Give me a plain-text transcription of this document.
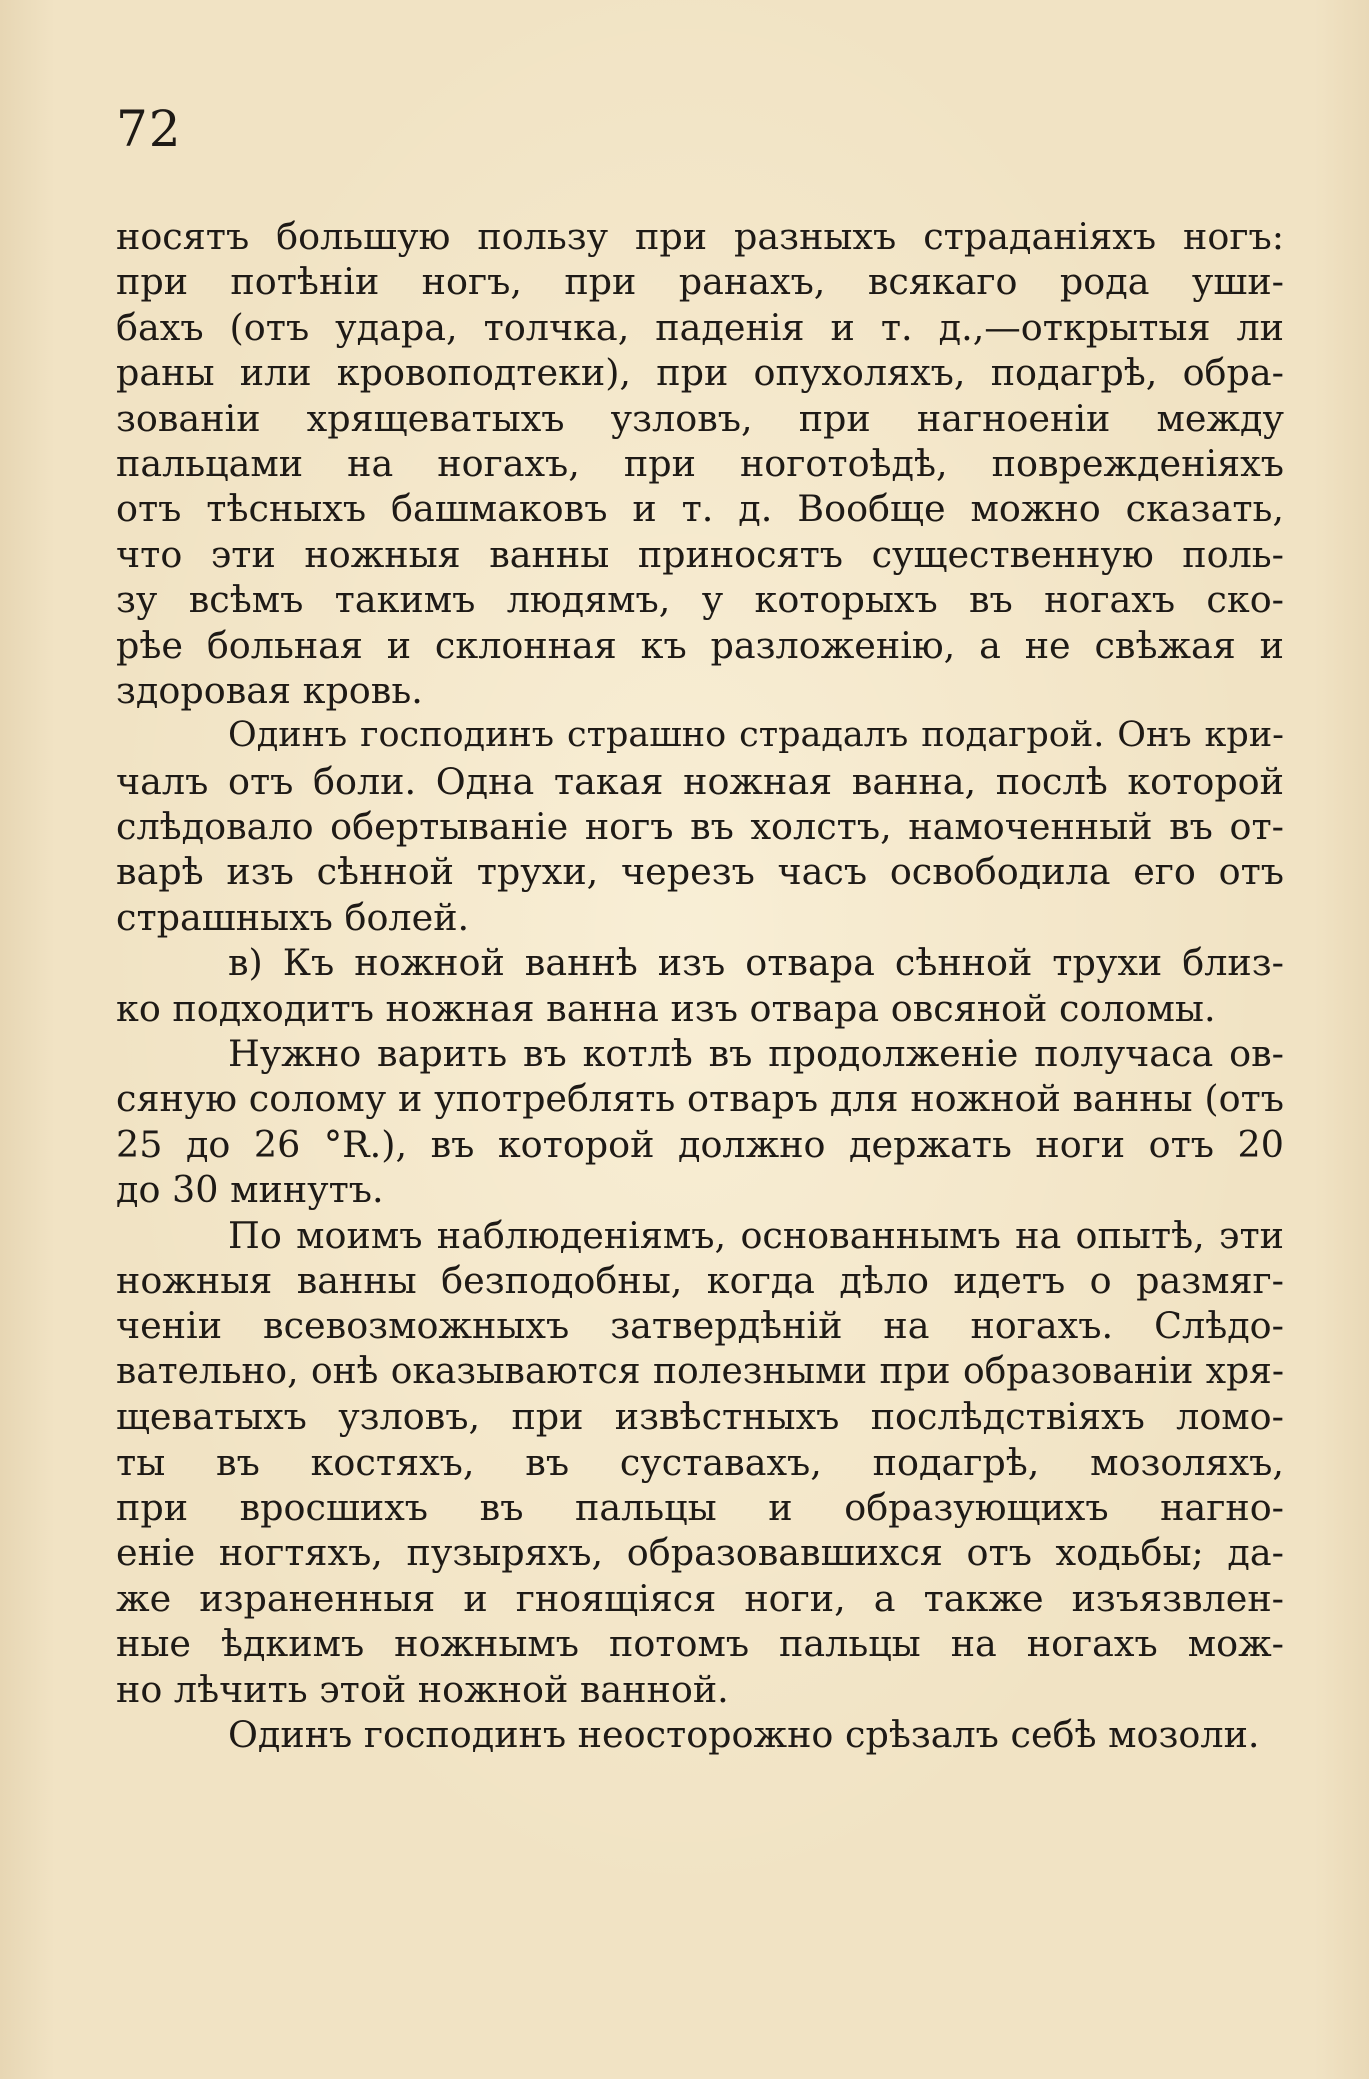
72
носятъ большую пользу при разныхъ страданіяхъ ногъ:
при потѣніи ногъ, при ранахъ, всякаго рода уши-
бахъ (отъ удара, толчка, паденія и т. д.,—открытыя ли
раны или кровоподтеки), при опухоляхъ, подагрѣ, обра-
зованіи хрящеватыхъ узловъ, при нагноеніи между
пальцами на ногахъ, при ноготоѣдѣ, поврежденіяхъ
отъ тѣсныхъ башмаковъ и т. д. Вообще можно сказать,
что эти ножныя ванны приносятъ существенную поль-
зу всѣмъ такимъ людямъ, у которыхъ въ ногахъ ско-
рѣе больная и склонная къ разложенію, а не свѣжая и
здоровая кровь.
Одинъ господинъ страшно страдалъ подагрой. Онъ кри-
чалъ отъ боли. Одна такая ножная ванна, послѣ которой
слѣдовало обертываніе ногъ въ холстъ, намоченный въ от-
варѣ изъ сѣнной трухи, черезъ часъ освободила его отъ
страшныхъ болей.
в) Къ ножной ваннѣ изъ отвара сѣнной трухи близ-
ко подходитъ ножная ванна изъ отвара овсяной соломы.
Нужно варить въ котлѣ въ продолженіе получаса ов-
сяную солому и употреблять отваръ для ножной ванны (отъ
25 до 26 °R.), въ которой должно держать ноги отъ 20
до 30 минутъ.
По моимъ наблюденіямъ, основаннымъ на опытѣ, эти
ножныя ванны безподобны, когда дѣло идетъ о размяг-
ченіи всевозможныхъ затвердѣній на ногахъ. Слѣдо-
вательно, онѣ оказываются полезными при образованіи хря-
щеватыхъ узловъ, при извѣстныхъ послѣдствіяхъ ломо-
ты въ костяхъ, въ суставахъ, подагрѣ, мозоляхъ,
при вросшихъ въ пальцы и образующихъ нагно-
еніе ногтяхъ, пузыряхъ, образовавшихся отъ ходьбы; да-
же израненныя и гноящіяся ноги, а также изъязвлен-
ные ѣдкимъ ножнымъ потомъ пальцы на ногахъ мож-
но лѣчить этой ножной ванной.
Одинъ господинъ неосторожно срѣзалъ себѣ мозоли.
